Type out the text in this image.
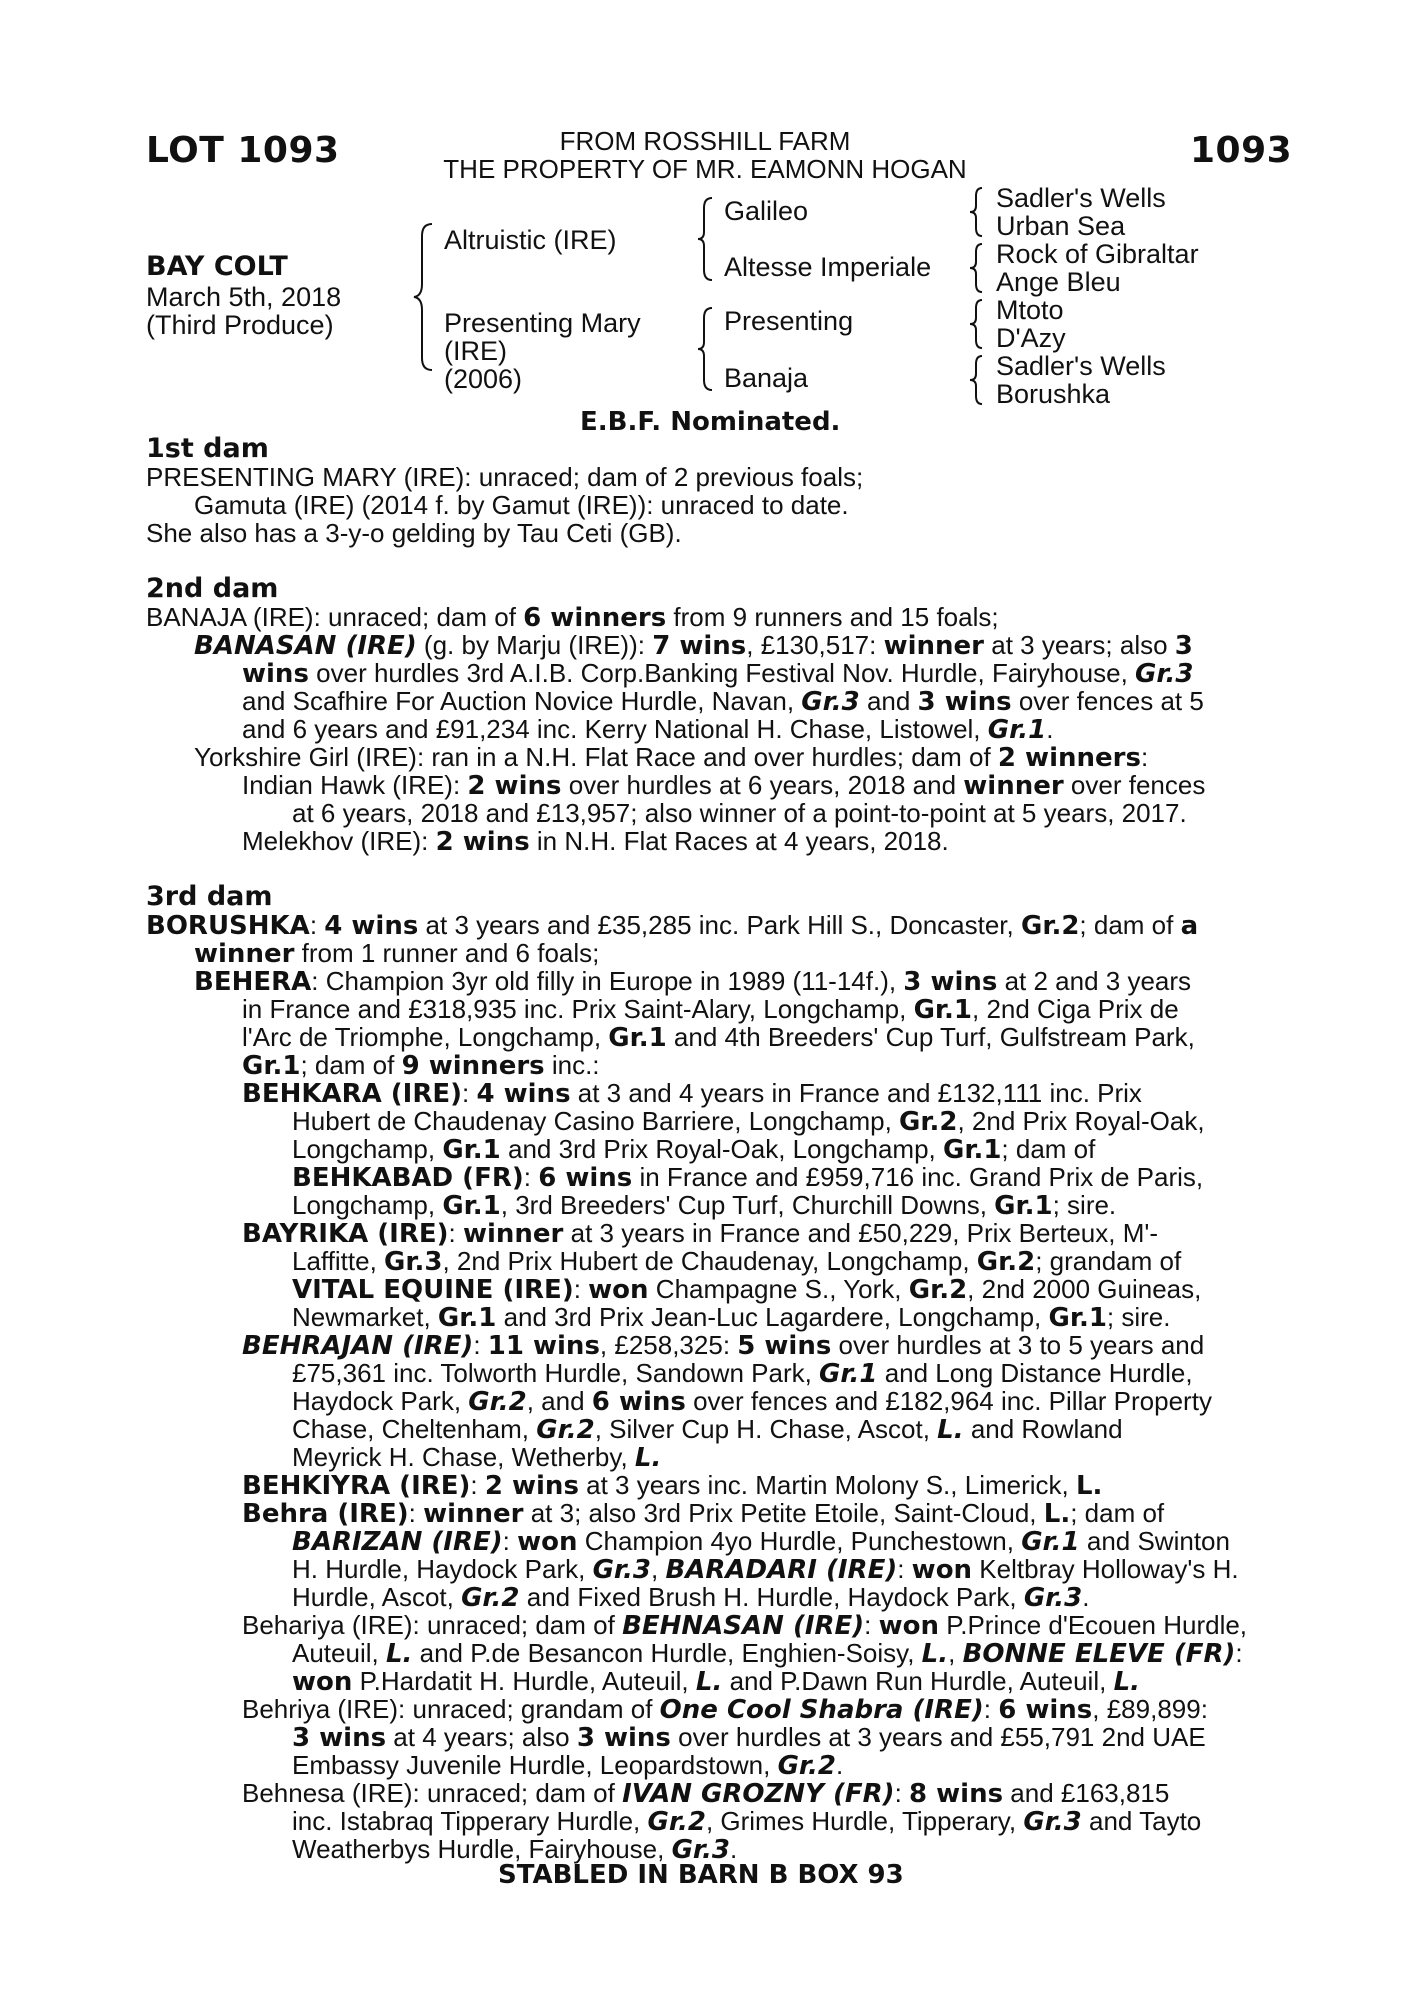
LOT 1093	1093
FROM ROSSHILL FARM
THE PROPERTY OF MR. EAMONN HOGAN
BAY COLT
March 5th, 2018
(Third Produce)
Altruistic (IRE)
Presenting Mary
(IRE)
(2006)
Galileo
Altesse Imperiale
Presenting
Banaja
Sadler's Wells
Urban Sea
Rock of Gibraltar
Ange Bleu
Mtoto
D'Azy
Sadler's Wells
Borushka
E.B.F. Nominated.
1st dam
PRESENTING MARY (IRE): unraced; dam of 2 previous foals;
Gamuta (IRE) (2014 f. by Gamut (IRE)): unraced to date.
She also has a 3-y-o gelding by Tau Ceti (GB).
2nd dam
BANAJA (IRE): unraced; dam of 6 winners from 9 runners and 15 foals;
BANASAN (IRE) (g. by Marju (IRE)): 7 wins, £130,517: winner at 3 years; also 3
wins over hurdles 3rd A.I.B. Corp.Banking Festival Nov. Hurdle, Fairyhouse, Gr.3
and Scafhire For Auction Novice Hurdle, Navan, Gr.3 and 3 wins over fences at 5
and 6 years and £91,234 inc. Kerry National H. Chase, Listowel, Gr.1.
Yorkshire Girl (IRE): ran in a N.H. Flat Race and over hurdles; dam of 2 winners:
Indian Hawk (IRE): 2 wins over hurdles at 6 years, 2018 and winner over fences
at 6 years, 2018 and £13,957; also winner of a point-to-point at 5 years, 2017.
Melekhov (IRE): 2 wins in N.H. Flat Races at 4 years, 2018.
3rd dam
BORUSHKA: 4 wins at 3 years and £35,285 inc. Park Hill S., Doncaster, Gr.2; dam of a
winner from 1 runner and 6 foals;
BEHERA: Champion 3yr old filly in Europe in 1989 (11-14f.), 3 wins at 2 and 3 years
in France and £318,935 inc. Prix Saint-Alary, Longchamp, Gr.1, 2nd Ciga Prix de
l'Arc de Triomphe, Longchamp, Gr.1 and 4th Breeders' Cup Turf, Gulfstream Park,
Gr.1; dam of 9 winners inc.:
BEHKARA (IRE): 4 wins at 3 and 4 years in France and £132,111 inc. Prix
Hubert de Chaudenay Casino Barriere, Longchamp, Gr.2, 2nd Prix Royal-Oak,
Longchamp, Gr.1 and 3rd Prix Royal-Oak, Longchamp, Gr.1; dam of
BEHKABAD (FR): 6 wins in France and £959,716 inc. Grand Prix de Paris,
Longchamp, Gr.1, 3rd Breeders' Cup Turf, Churchill Downs, Gr.1; sire.
BAYRIKA (IRE): winner at 3 years in France and £50,229, Prix Berteux, M'-
Laffitte, Gr.3, 2nd Prix Hubert de Chaudenay, Longchamp, Gr.2; grandam of
VITAL EQUINE (IRE): won Champagne S., York, Gr.2, 2nd 2000 Guineas,
Newmarket, Gr.1 and 3rd Prix Jean-Luc Lagardere, Longchamp, Gr.1; sire.
BEHRAJAN (IRE): 11 wins, £258,325: 5 wins over hurdles at 3 to 5 years and
£75,361 inc. Tolworth Hurdle, Sandown Park, Gr.1 and Long Distance Hurdle,
Haydock Park, Gr.2, and 6 wins over fences and £182,964 inc. Pillar Property
Chase, Cheltenham, Gr.2, Silver Cup H. Chase, Ascot, L. and Rowland
Meyrick H. Chase, Wetherby, L.
BEHKIYRA (IRE): 2 wins at 3 years inc. Martin Molony S., Limerick, L.
Behra (IRE): winner at 3; also 3rd Prix Petite Etoile, Saint-Cloud, L.; dam of
BARIZAN (IRE): won Champion 4yo Hurdle, Punchestown, Gr.1 and Swinton
H. Hurdle, Haydock Park, Gr.3, BARADARI (IRE): won Keltbray Holloway's H.
Hurdle, Ascot, Gr.2 and Fixed Brush H. Hurdle, Haydock Park, Gr.3.
Behariya (IRE): unraced; dam of BEHNASAN (IRE): won P.Prince d'Ecouen Hurdle,
Auteuil, L. and P.de Besancon Hurdle, Enghien-Soisy, L., BONNE ELEVE (FR):
won P.Hardatit H. Hurdle, Auteuil, L. and P.Dawn Run Hurdle, Auteuil, L.
Behriya (IRE): unraced; grandam of One Cool Shabra (IRE): 6 wins, £89,899:
3 wins at 4 years; also 3 wins over hurdles at 3 years and £55,791 2nd UAE
Embassy Juvenile Hurdle, Leopardstown, Gr.2.
Behnesa (IRE): unraced; dam of IVAN GROZNY (FR): 8 wins and £163,815
inc. Istabraq Tipperary Hurdle, Gr.2, Grimes Hurdle, Tipperary, Gr.3 and Tayto
Weatherbys Hurdle, Fairyhouse, Gr.3.
STABLED IN BARN B BOX 93
